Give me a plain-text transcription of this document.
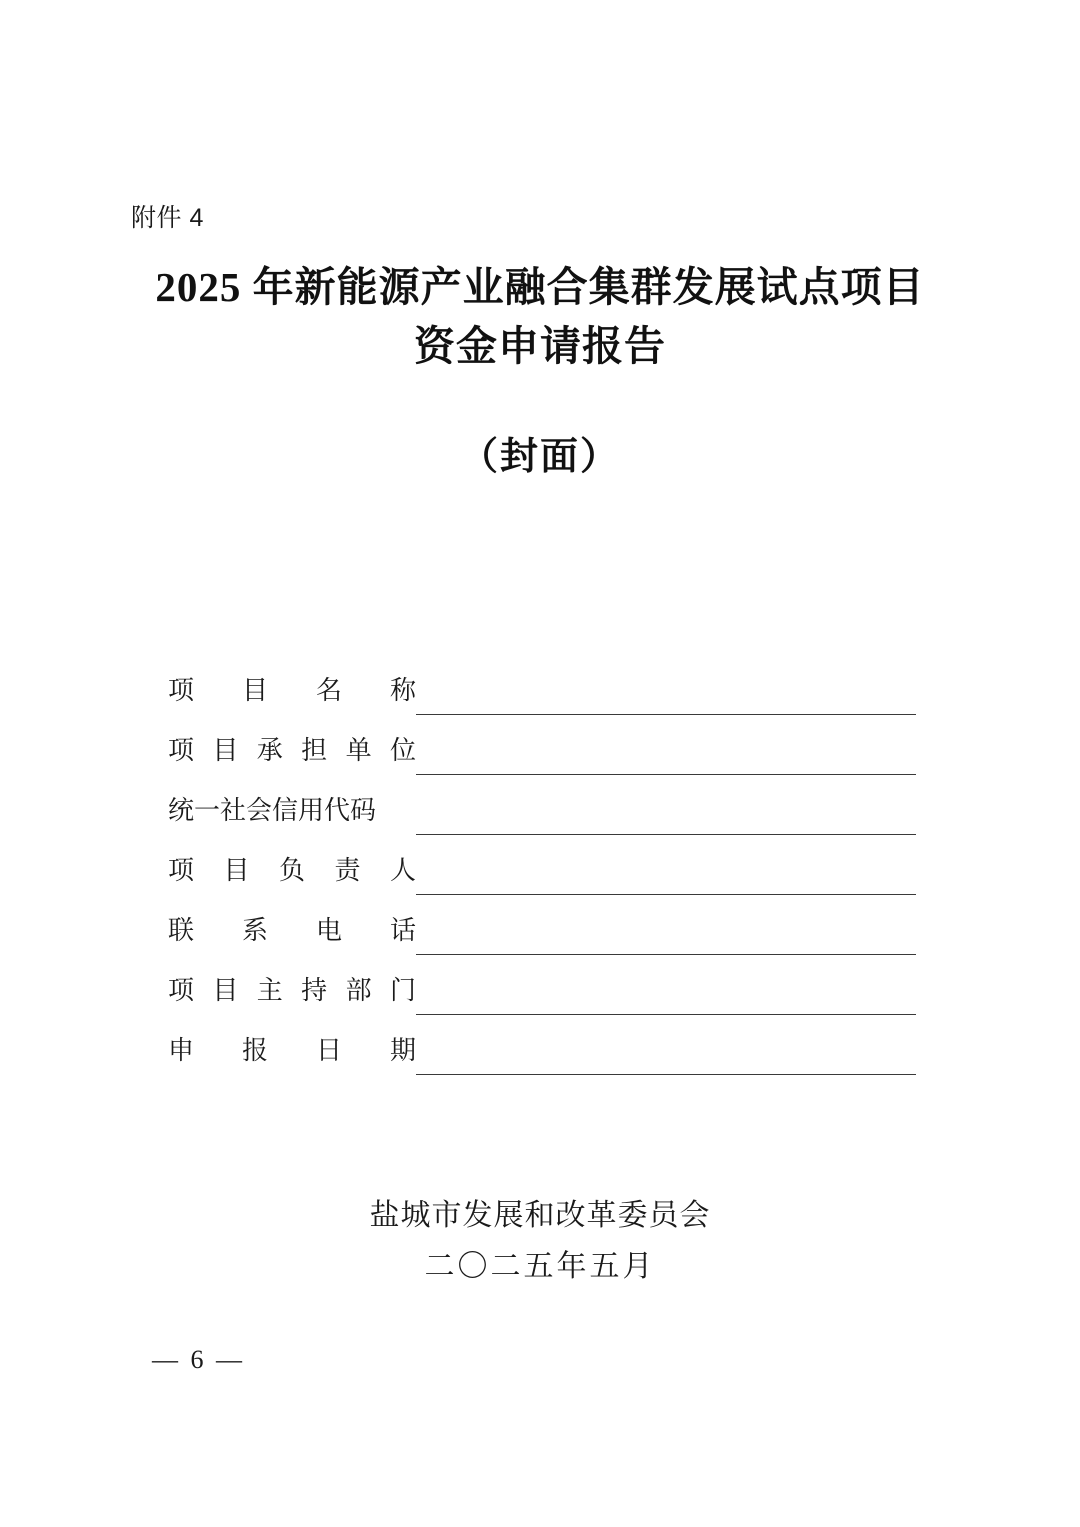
附件 4
2025 年新能源产业融合集群发展试点项目
资金申请报告
（封面）
项 目 名 称
项 目 承 担 单 位
统一社会信用代码
项 目 负 责 人
联 系 电 话
项 目 主 持 部 门
申 报 日 期
盐城市发展和改革委员会
二〇二五年五月
— 6 —
